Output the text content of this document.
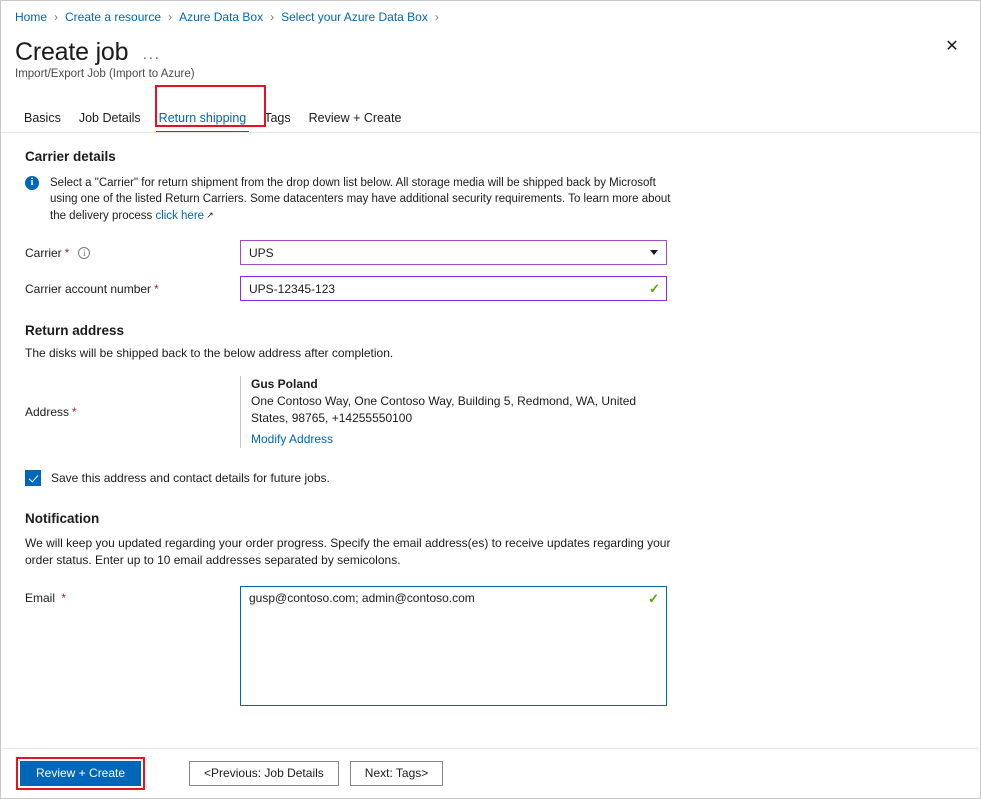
Home › Create a resource › Azure Data Box › Select your Azure Data Box ›
Create job ···
✕
Import/Export Job (Import to Azure)
Basics	Job Details	Return shipping	Tags	Review + Create
Carrier details
i	Select a "Carrier" for return shipment from the drop down list below. All storage media will be shipped back by Microsoft using one of the listed Return Carriers. Some datacenters may have additional security requirements. To learn more about the delivery process click here ↗
Carrier *	i	UPS
Carrier account number *	UPS-12345-123	✓
Return address
The disks will be shipped back to the below address after completion.
Address *
Gus Poland
One Contoso Way, One Contoso Way, Building 5, Redmond, WA, United States, 98765, +14255550100
Modify Address
Save this address and contact details for future jobs.
Notification
We will keep you updated regarding your order progress. Specify the email address(es) to receive updates regarding your order status. Enter up to 10 email addresses separated by semicolons.
Email *	gusp@contoso.com; admin@contoso.com	✓
Review + Create	<Previous: Job Details	Next: Tags>
